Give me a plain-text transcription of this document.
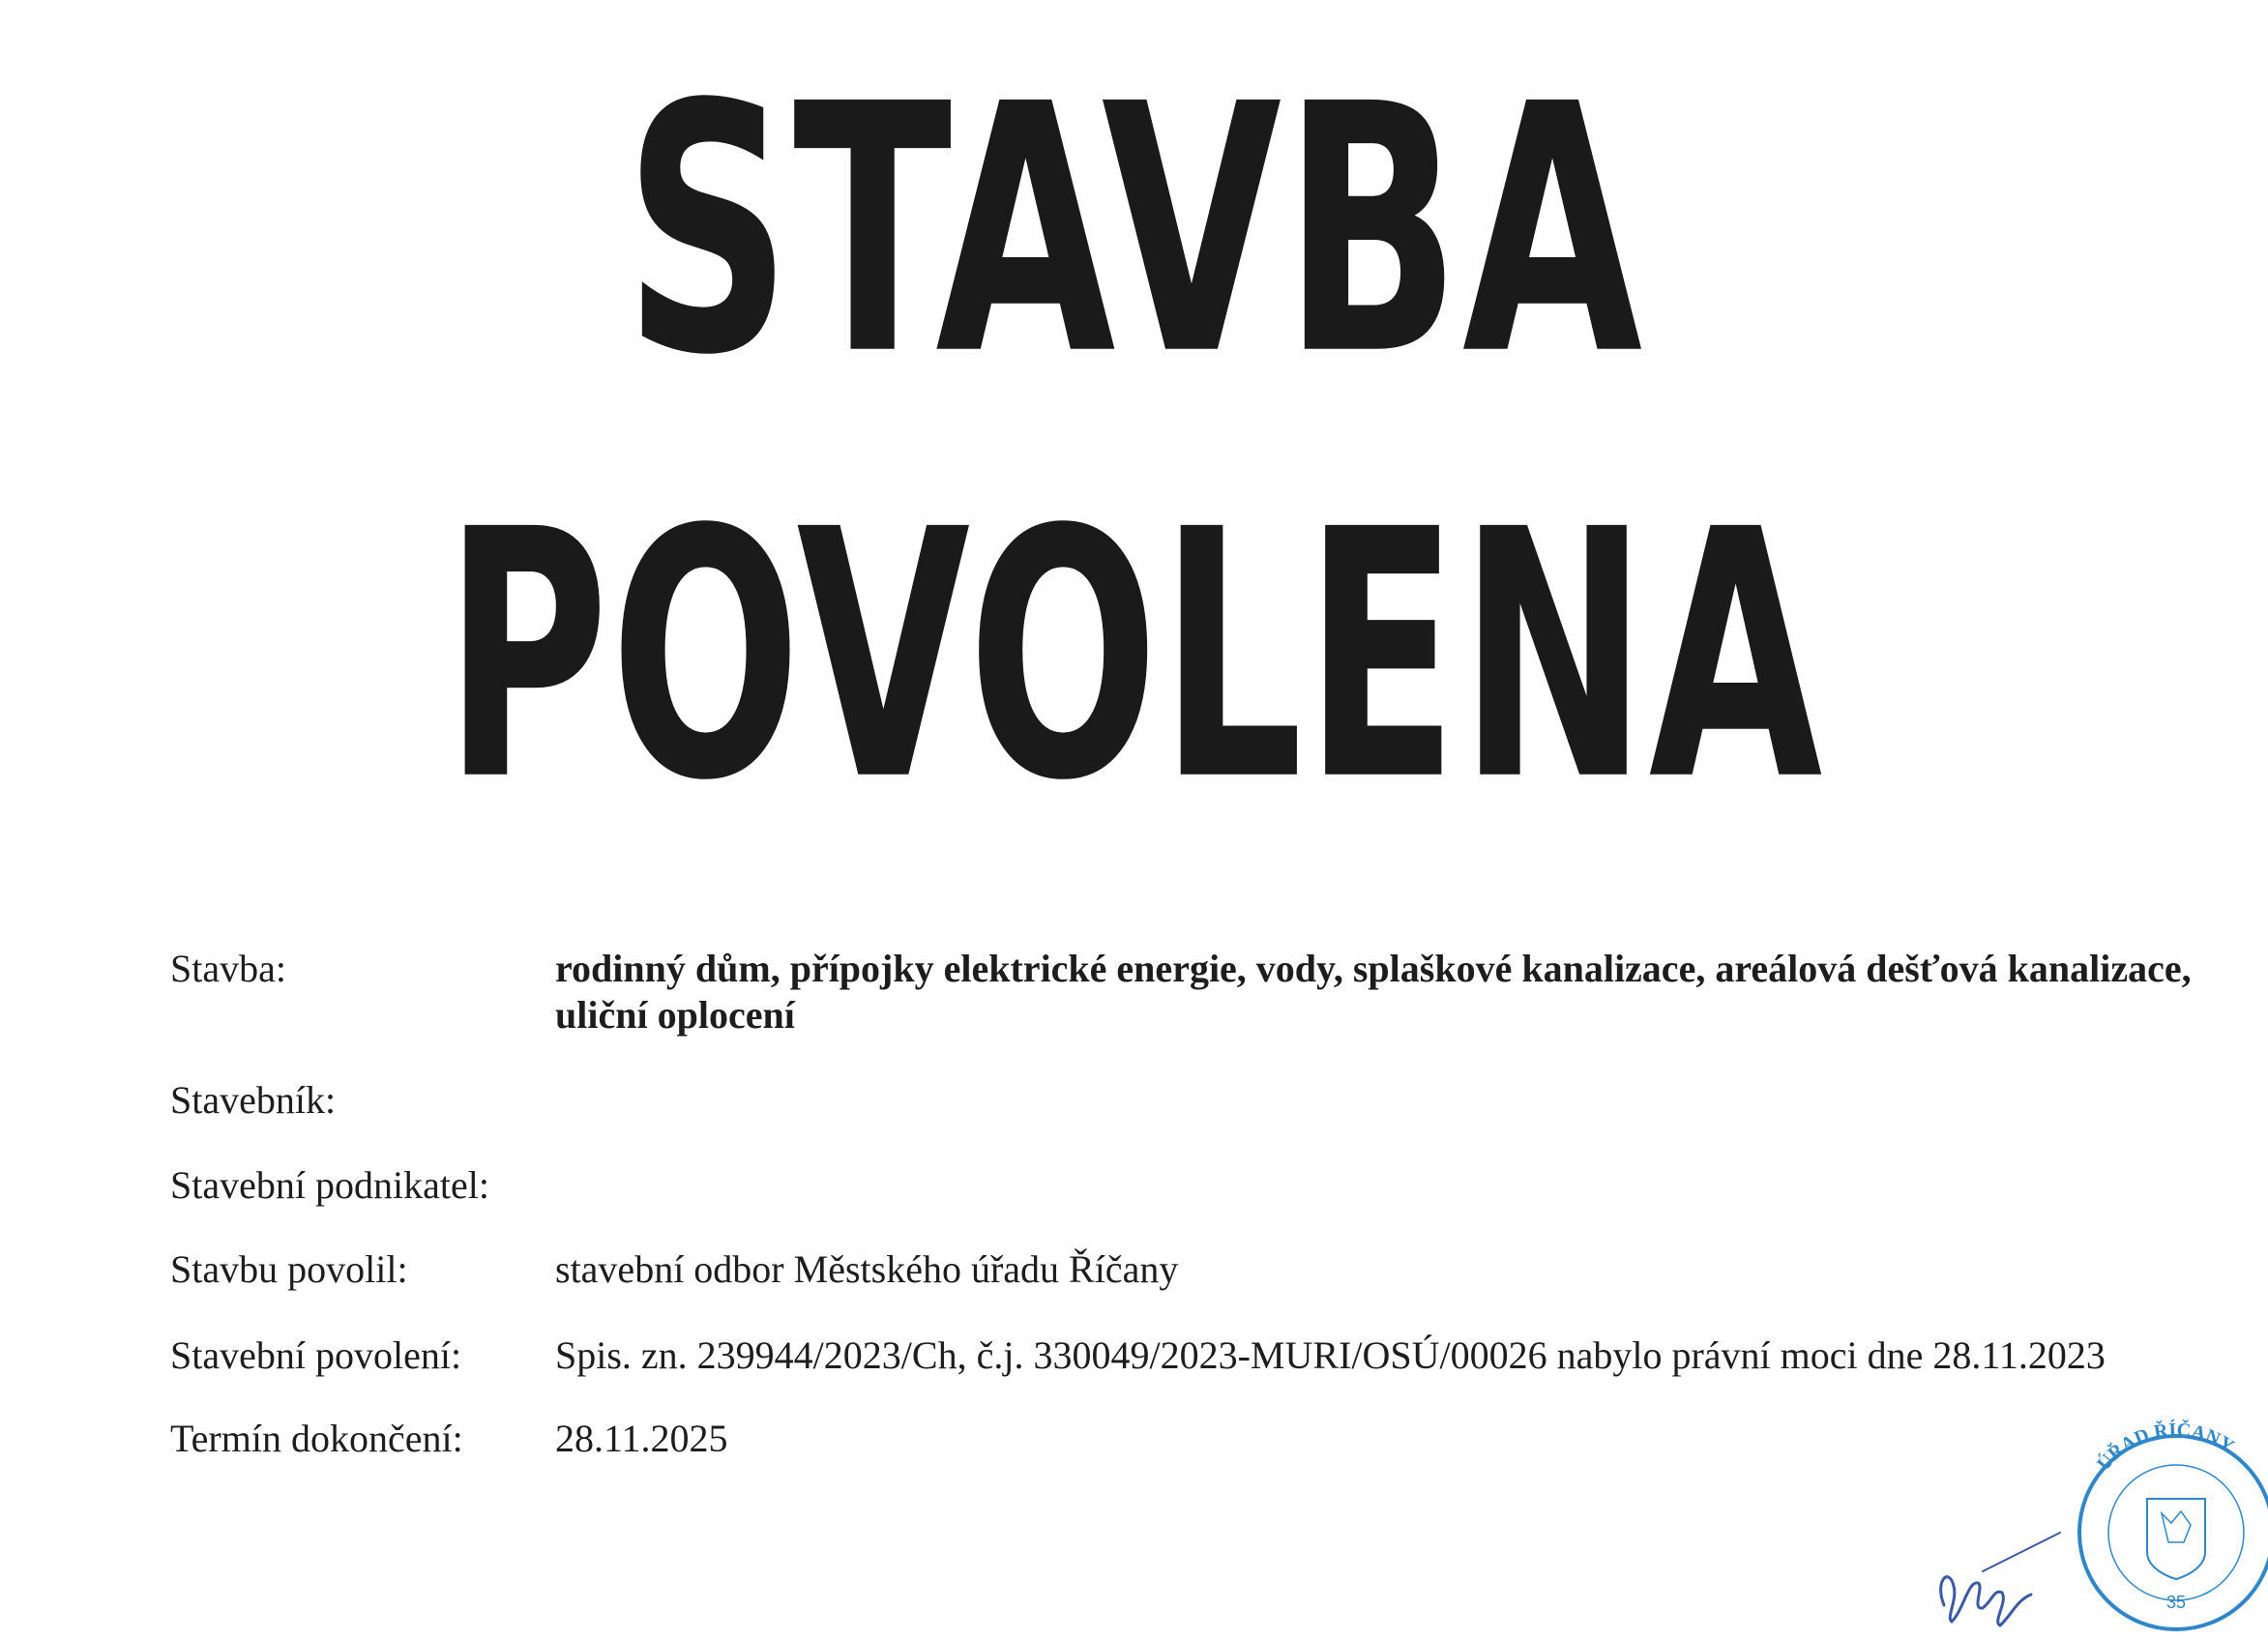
STAVBA
POVOLENA
Stavba:	rodinný dům, přípojky elektrické energie, vody, splaškové kanalizace, areálová dešťová kanalizace, uliční oplocení
Stavebník:
Stavební podnikatel:
Stavbu povolil:	stavební odbor Městského úřadu Říčany
Stavební povolení: Spis. zn. 239944/2023/Ch, č.j. 330049/2023-MURI/OSÚ/00026 nabylo právní moci dne 28.11.2023
Termín dokončení: 28.11.2025
ÚŘAD ŘÍČANY
35
